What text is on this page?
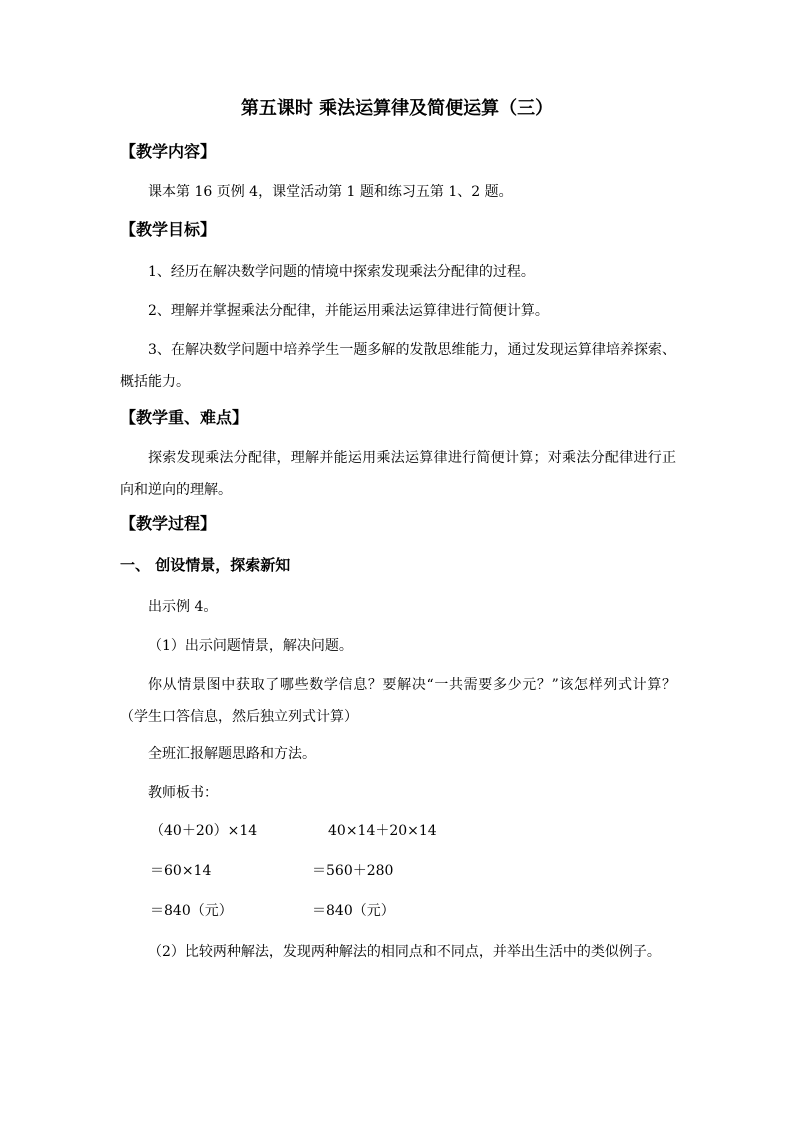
第五课时 乘法运算律及简便运算（三）
【教学内容】
课本第 16 页例 4，课堂活动第 1 题和练习五第 1、2 题。
【教学目标】
1、经历在解决数学问题的情境中探索发现乘法分配律的过程。
2、理解并掌握乘法分配律，并能运用乘法运算律进行简便计算。
3、在解决数学问题中培养学生一题多解的发散思维能力，通过发现运算律培养探索、概括能力。
【教学重、难点】
探索发现乘法分配律，理解并能运用乘法运算律进行简便计算；对乘法分配律进行正向和逆向的理解。
【教学过程】
一、 创设情景，探索新知
出示例 4。
（1）出示问题情景，解决问题。
你从情景图中获取了哪些数学信息？要解决“一共需要多少元？”该怎样列式计算？（学生口答信息，然后独立列式计算）
全班汇报解题思路和方法。
教师板书：
（40＋20）×14	40×14＋20×14
＝60×14	＝560＋280
＝840（元）	＝840（元）
（2）比较两种解法，发现两种解法的相同点和不同点，并举出生活中的类似例子。
